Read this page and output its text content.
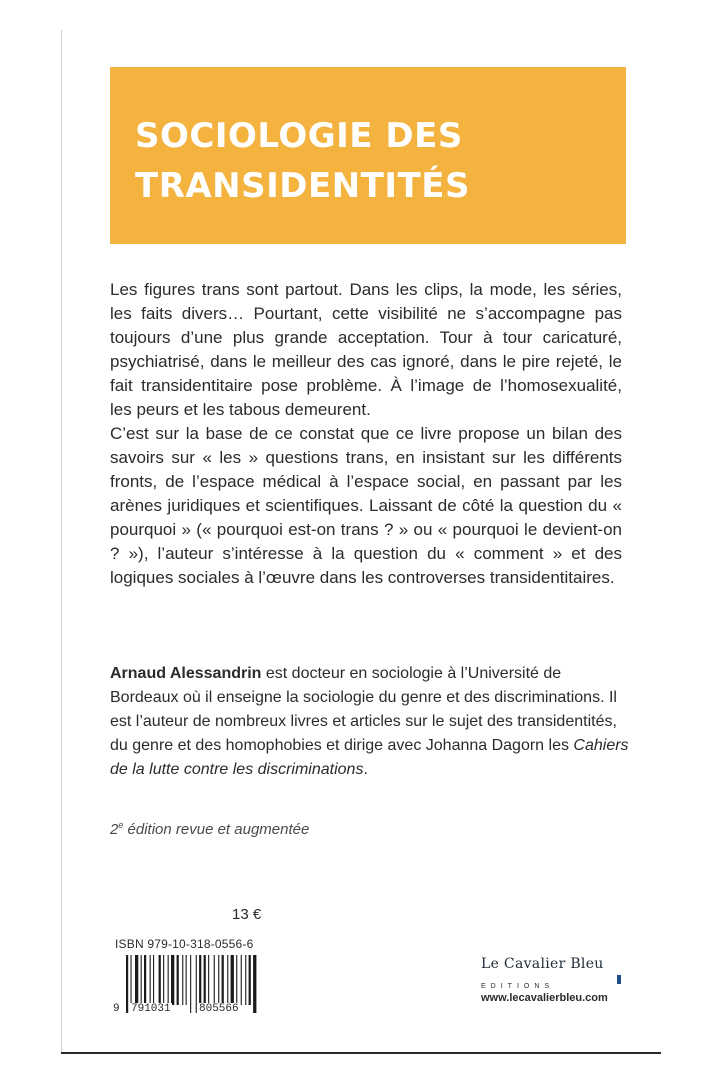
SOCIOLOGIE DES
TRANSIDENTITÉS

Les figures trans sont partout. Dans les clips, la mode, les séries, les faits divers… Pourtant, cette visibilité ne s’accompagne pas toujours d’une plus grande acceptation. Tour à tour caricaturé, psychiatrisé, dans le meilleur des cas ignoré, dans le pire rejeté, le fait transidentitaire pose problème. À l’image de l’homosexualité, les peurs et les tabous demeurent.

C’est sur la base de ce constat que ce livre propose un bilan des savoirs sur « les » questions trans, en insistant sur les différents fronts, de l’espace médical à l’espace social, en passant par les arènes juridiques et scientifiques. Laissant de côté la question du « pourquoi » (« pourquoi est-on trans ? » ou « pourquoi le devient-on ? »), l’auteur s’intéresse à la question du « comment » et des logiques sociales à l’œuvre dans les controverses transidentitaires.

Arnaud Alessandrin est docteur en sociologie à l’Université de Bordeaux où il enseigne la sociologie du genre et des discriminations. Il est l’auteur de nombreux livres et articles sur le sujet des transidentités, du genre et des homophobies et dirige avec Johanna Dagorn les Cahiers de la lutte contre les discriminations.
2e édition revue et augmentée
13 €
ISBN 979-10-318-0556-6
9 791031	805566
Le Cavalier Bleu
EDITIONS
www.lecavalierbleu.com
